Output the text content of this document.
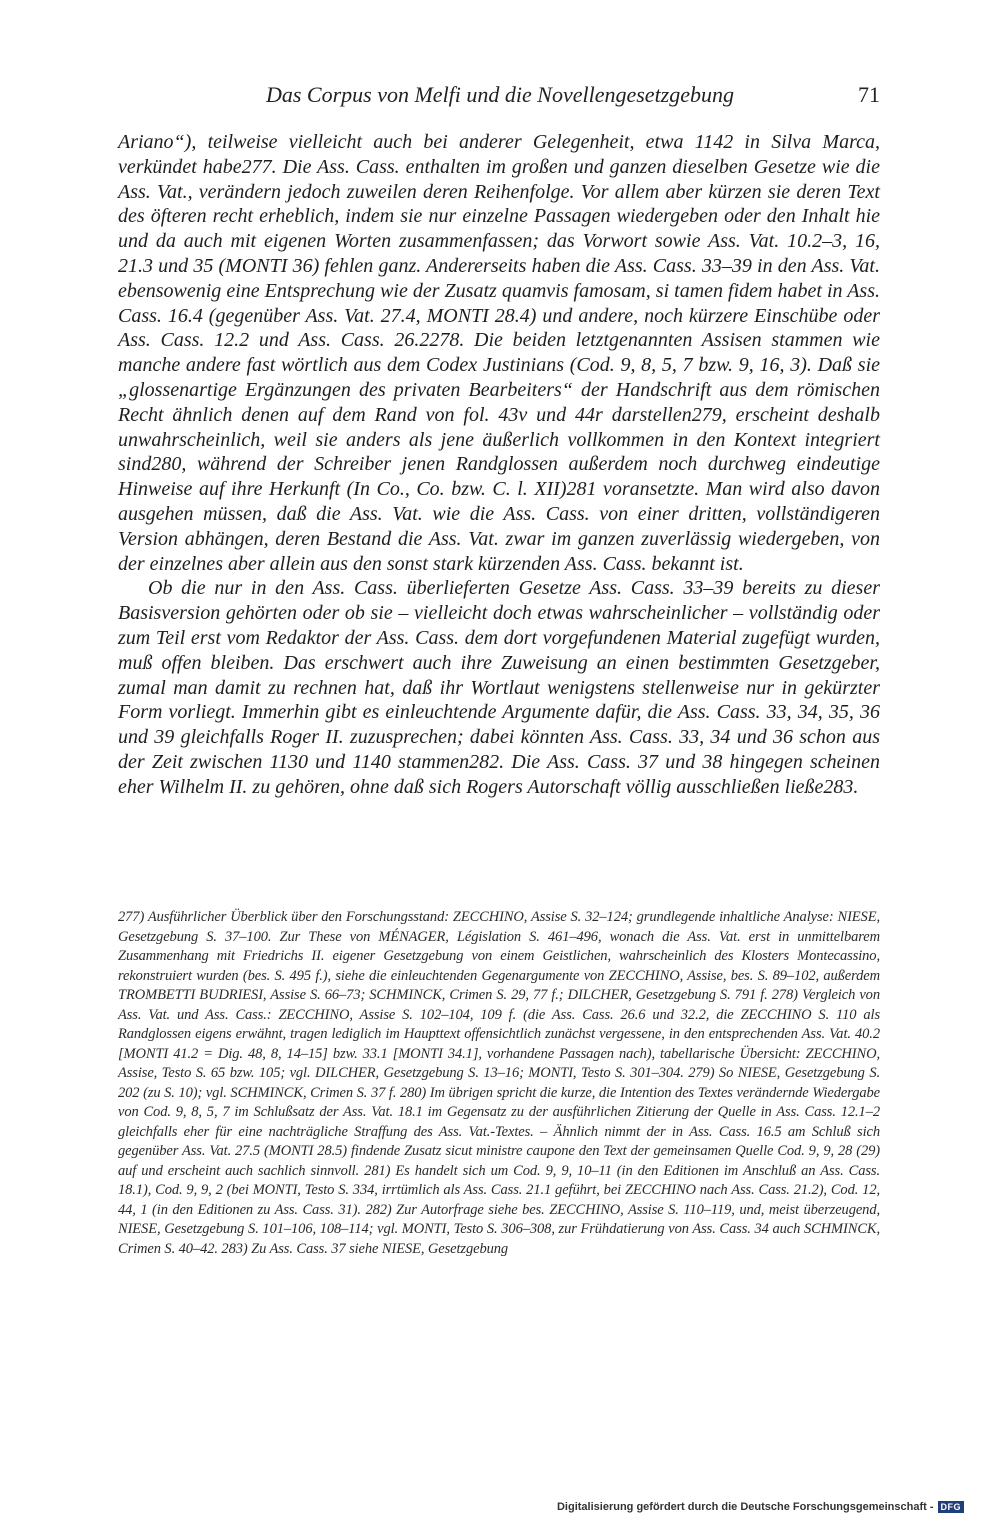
Das Corpus von Melfi und die Novellengesetzgebung	71

Ariano“), teilweise vielleicht auch bei anderer Gelegenheit, etwa 1142 in Silva Marca, verkündet habe277. Die Ass. Cass. enthalten im großen und ganzen dieselben Gesetze wie die Ass. Vat., verändern jedoch zuweilen deren Reihenfolge. Vor allem aber kürzen sie deren Text des öfteren recht erheblich, indem sie nur einzelne Passagen wiedergeben oder den Inhalt hie und da auch mit eigenen Worten zusammenfassen; das Vorwort sowie Ass. Vat. 10.2–3, 16, 21.3 und 35 (MONTI 36) fehlen ganz. Andererseits haben die Ass. Cass. 33–39 in den Ass. Vat. ebensowenig eine Entsprechung wie der Zusatz quamvis famosam, si tamen fidem habet in Ass. Cass. 16.4 (gegenüber Ass. Vat. 27.4, MONTI 28.4) und andere, noch kürzere Einschübe oder Ass. Cass. 12.2 und Ass. Cass. 26.2278. Die beiden letztgenannten Assisen stammen wie manche andere fast wörtlich aus dem Codex Justinians (Cod. 9, 8, 5, 7 bzw. 9, 16, 3). Daß sie „glossenartige Ergänzungen des privaten Bearbeiters“ der Handschrift aus dem römischen Recht ähnlich denen auf dem Rand von fol. 43v und 44r darstellen279, erscheint deshalb unwahrscheinlich, weil sie anders als jene äußerlich vollkommen in den Kontext integriert sind280, während der Schreiber jenen Randglossen außerdem noch durchweg eindeutige Hinweise auf ihre Herkunft (In Co., Co. bzw. C. l. XII)281 voransetzte. Man wird also davon ausgehen müssen, daß die Ass. Vat. wie die Ass. Cass. von einer dritten, vollständigeren Version abhängen, deren Bestand die Ass. Vat. zwar im ganzen zuverlässig wiedergeben, von der einzelnes aber allein aus den sonst stark kürzenden Ass. Cass. bekannt ist.

Ob die nur in den Ass. Cass. überlieferten Gesetze Ass. Cass. 33–39 bereits zu dieser Basisversion gehörten oder ob sie – vielleicht doch etwas wahrscheinlicher – vollständig oder zum Teil erst vom Redaktor der Ass. Cass. dem dort vorgefundenen Material zugefügt wurden, muß offen bleiben. Das erschwert auch ihre Zuweisung an einen bestimmten Gesetzgeber, zumal man damit zu rechnen hat, daß ihr Wortlaut wenigstens stellenweise nur in gekürzter Form vorliegt. Immerhin gibt es einleuchtende Argumente dafür, die Ass. Cass. 33, 34, 35, 36 und 39 gleichfalls Roger II. zuzusprechen; dabei könnten Ass. Cass. 33, 34 und 36 schon aus der Zeit zwischen 1130 und 1140 stammen282. Die Ass. Cass. 37 und 38 hingegen scheinen eher Wilhelm II. zu gehören, ohne daß sich Rogers Autorschaft völlig ausschließen ließe283.

277) Ausführlicher Überblick über den Forschungsstand: ZECCHINO, Assise S. 32–124; grundlegende inhaltliche Analyse: NIESE, Gesetzgebung S. 37–100. Zur These von MÉNAGER, Législation S. 461–496, wonach die Ass. Vat. erst in unmittelbarem Zusammenhang mit Friedrichs II. eigener Gesetzgebung von einem Geistlichen, wahrscheinlich des Klosters Montecassino, rekonstruiert wurden (bes. S. 495 f.), siehe die einleuchtenden Gegenargumente von ZECCHINO, Assise, bes. S. 89–102, außerdem TROMBETTI BUDRIESI, Assise S. 66–73; SCHMINCK, Crimen S. 29, 77 f.; DILCHER, Gesetzgebung S. 791 f. 278) Vergleich von Ass. Vat. und Ass. Cass.: ZECCHINO, Assise S. 102–104, 109 f. (die Ass. Cass. 26.6 und 32.2, die ZECCHINO S. 110 als Randglossen eigens erwähnt, tragen lediglich im Haupttext offensichtlich zunächst vergessene, in den entsprechenden Ass. Vat. 40.2 [MONTI 41.2 = Dig. 48, 8, 14–15] bzw. 33.1 [MONTI 34.1], vorhandene Passagen nach), tabellarische Übersicht: ZECCHINO, Assise, Testo S. 65 bzw. 105; vgl. DILCHER, Gesetzgebung S. 13–16; MONTI, Testo S. 301–304. 279) So NIESE, Gesetzgebung S. 202 (zu S. 10); vgl. SCHMINCK, Crimen S. 37 f. 280) Im übrigen spricht die kurze, die Intention des Textes verändernde Wiedergabe von Cod. 9, 8, 5, 7 im Schlußsatz der Ass. Vat. 18.1 im Gegensatz zu der ausführlichen Zitierung der Quelle in Ass. Cass. 12.1–2 gleichfalls eher für eine nachträgliche Straffung des Ass. Vat.-Textes. – Ähnlich nimmt der in Ass. Cass. 16.5 am Schluß sich gegenüber Ass. Vat. 27.5 (MONTI 28.5) findende Zusatz sicut ministre caupone den Text der gemeinsamen Quelle Cod. 9, 9, 28 (29) auf und erscheint auch sachlich sinnvoll. 281) Es handelt sich um Cod. 9, 9, 10–11 (in den Editionen im Anschluß an Ass. Cass. 18.1), Cod. 9, 9, 2 (bei MONTI, Testo S. 334, irrtümlich als Ass. Cass. 21.1 geführt, bei ZECCHINO nach Ass. Cass. 21.2), Cod. 12, 44, 1 (in den Editionen zu Ass. Cass. 31). 282) Zur Autorfrage siehe bes. ZECCHINO, Assise S. 110–119, und, meist überzeugend, NIESE, Gesetzgebung S. 101–106, 108–114; vgl. MONTI, Testo S. 306–308, zur Frühdatierung von Ass. Cass. 34 auch SCHMINCK, Crimen S. 40–42. 283) Zu Ass. Cass. 37 siehe NIESE, Gesetzgebung

Digitalisierung gefördert durch die Deutsche Forschungsgemeinschaft - DFG
